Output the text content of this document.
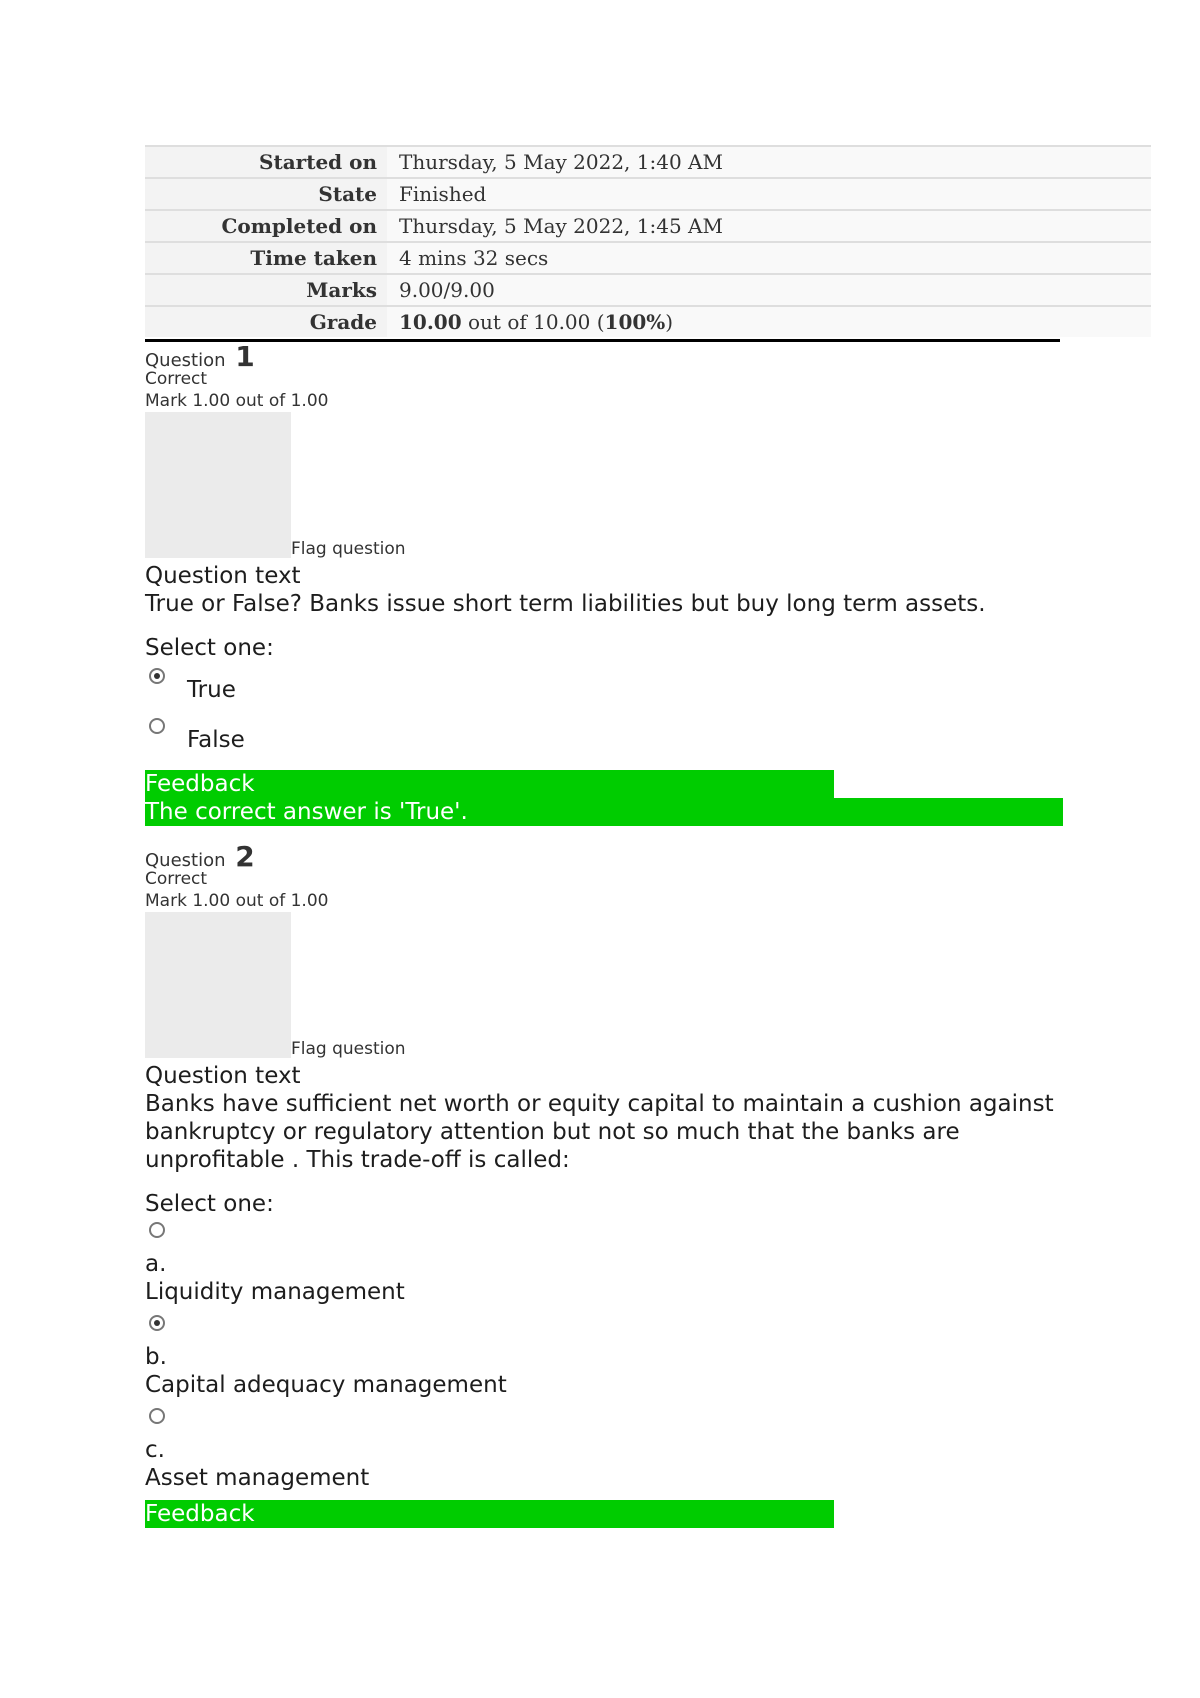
Started on	Thursday, 5 May 2022, 1:40 AM
State	Finished
Completed on	Thursday, 5 May 2022, 1:45 AM
Time taken	4 mins 32 secs
Marks	9.00/9.00
Grade	10.00 out of 10.00 (100%)
Question 1
Correct
Mark 1.00 out of 1.00
Flag question
Question text
True or False? Banks issue short term liabilities but buy long term assets.
Select one:
True
False
Feedback
The correct answer is 'True'.
Question 2
Correct
Mark 1.00 out of 1.00
Flag question
Question text
Banks have sufficient net worth or equity capital to maintain a cushion against bankruptcy or regulatory attention but not so much that the banks are unprofitable . This trade-off is called:
Select one:
a.
Liquidity management
b.
Capital adequacy management
c.
Asset management
Feedback
